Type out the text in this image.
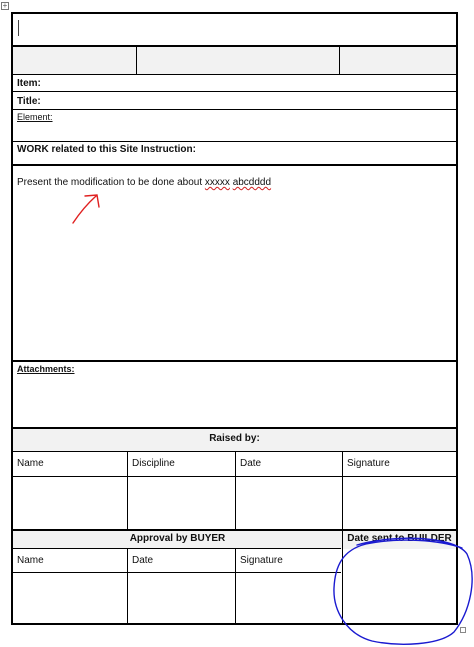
+
Item:
Title:
Element:
WORK related to this Site Instruction:
Present the modification to be done about xxxxx abcdddd
Attachments:
Raised by:
Name	Discipline	Date	Signature
Approval by BUYER	Date sent to BUILDER
Name	Date	Signature
